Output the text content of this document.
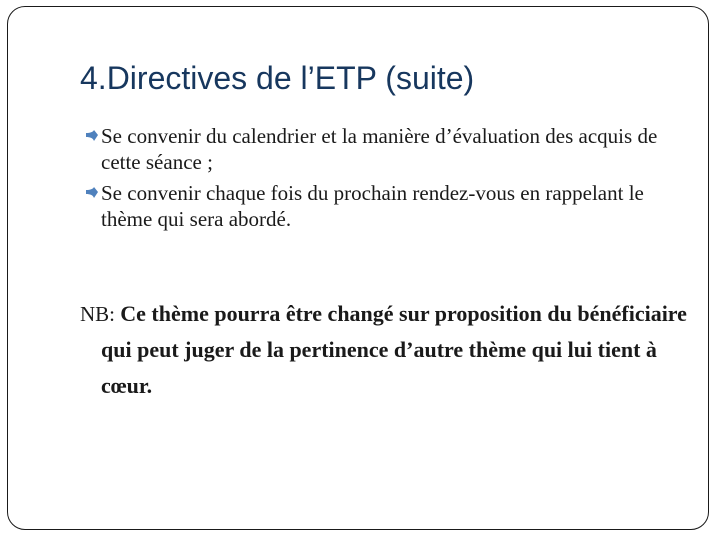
4.Directives de l’ETP (suite)
Se convenir du calendrier et la manière d’évaluation des acquis de cette séance ;
Se convenir chaque fois du prochain rendez-vous en rappelant le thème qui sera abordé.

NB: Ce thème pourra être changé sur proposition du bénéficiaire qui peut juger de la pertinence d’autre thème qui lui tient à cœur.
